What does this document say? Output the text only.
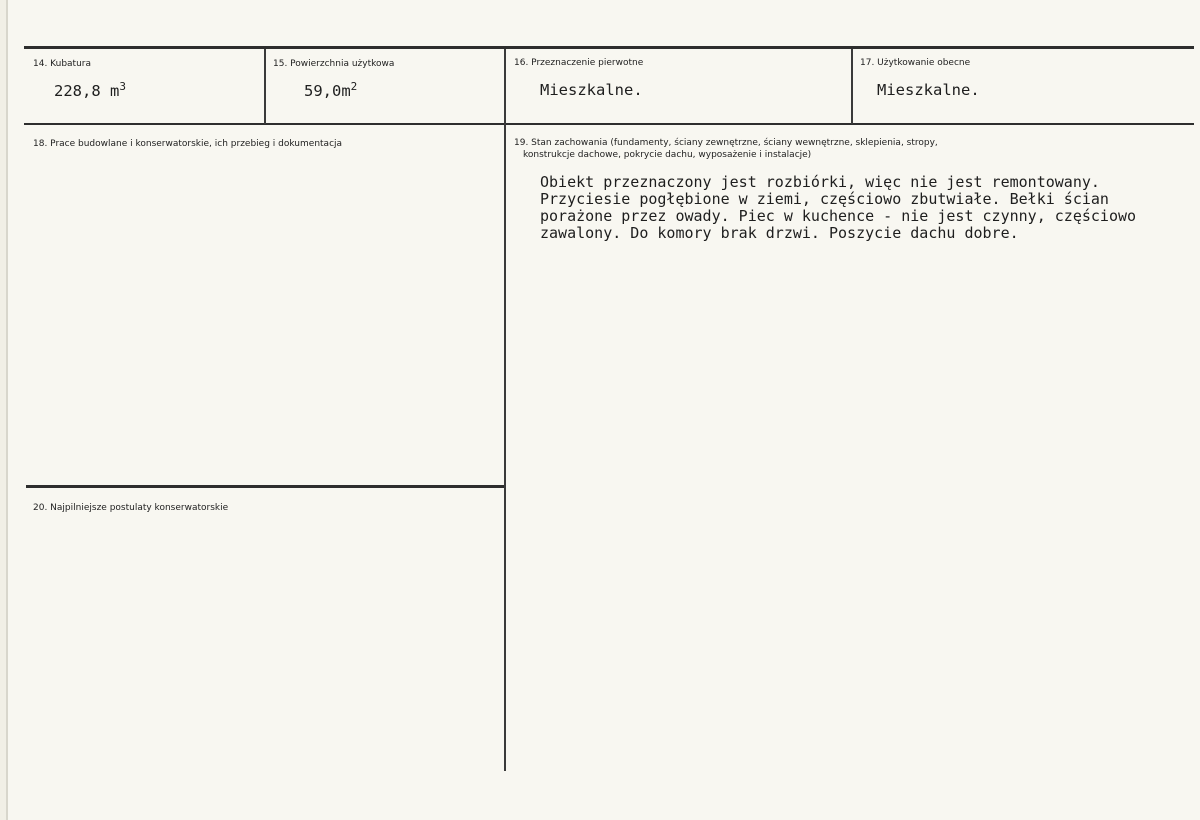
14. Kubatura
228,8 $m^3$
15. Powierzchnia użytkowa
$59,0m^2$
16. Przeznaczenie pierwotne
Mieszkalne.
17. Użytkowanie obecne
Mieszkalne.
18. Prace budowlane i konserwatorskie, ich przebieg i dokumentacja	19. Stan zachowania (fundamenty, ściany zewnętrzne, ściany wewnętrzne, sklepienia, stropy,
konstrukcje dachowe, pokrycie dachu, wyposażenie i instalacje)
Obiekt przeznaczony jest rozbiórki, więc nie jest remontowany.
Przyciesie pogłębione w ziemi, częściowo zbutwiałe. Bełki ścian
porażone przez owady. Piec w kuchence - nie jest czynny, częściowo
zawalony. Do komory brak drzwi. Poszycie dachu dobre.
20. Najpilniejsze postulaty konserwatorskie
